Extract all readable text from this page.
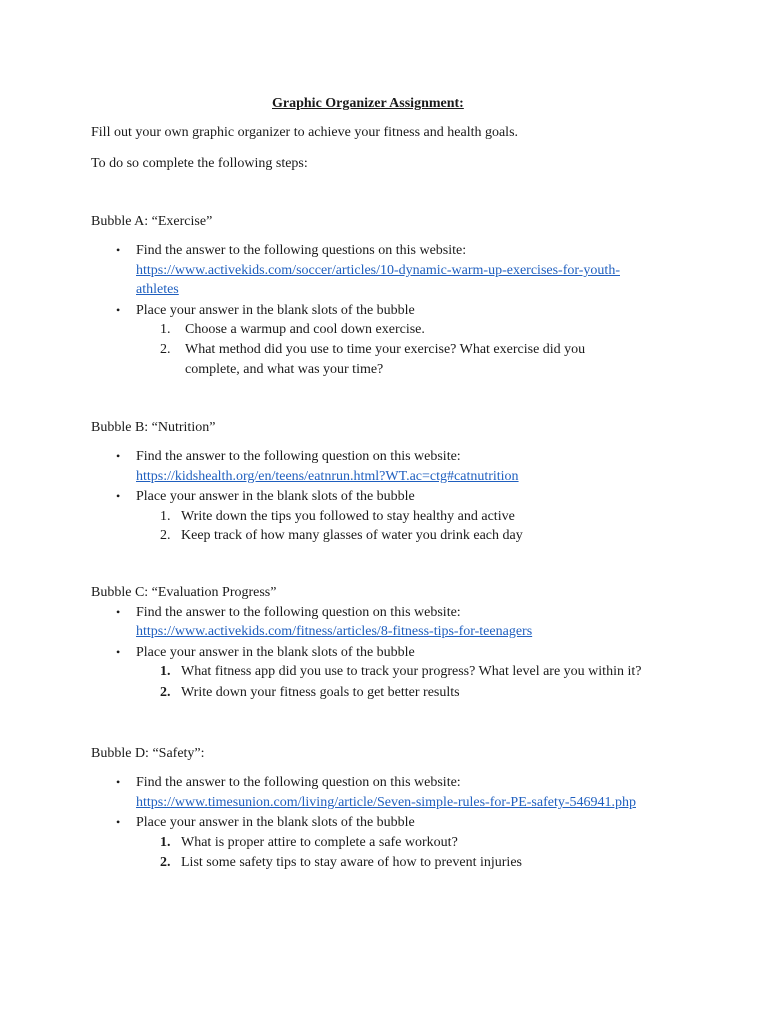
Graphic Organizer Assignment:
Fill out your own graphic organizer to achieve your fitness and health goals.
To do so complete the following steps:
Bubble A: “Exercise”
• Find the answer to the following questions on this website:
https://www.activekids.com/soccer/articles/10-dynamic-warm-up-exercises-for-youth-
athletes
• Place your answer in the blank slots of the bubble
1. Choose a warmup and cool down exercise.
2. What method did you use to time your exercise? What exercise did you
complete, and what was your time?
Bubble B: “Nutrition”
• Find the answer to the following question on this website:
https://kidshealth.org/en/teens/eatnrun.html?WT.ac=ctg#catnutrition
• Place your answer in the blank slots of the bubble
1. Write down the tips you followed to stay healthy and active
2. Keep track of how many glasses of water you drink each day
Bubble C: “Evaluation Progress”
• Find the answer to the following question on this website:
https://www.activekids.com/fitness/articles/8-fitness-tips-for-teenagers
• Place your answer in the blank slots of the bubble
1. What fitness app did you use to track your progress? What level are you within it?
2. Write down your fitness goals to get better results
Bubble D: “Safety”:
• Find the answer to the following question on this website:
https://www.timesunion.com/living/article/Seven-simple-rules-for-PE-safety-546941.php
• Place your answer in the blank slots of the bubble
1. What is proper attire to complete a safe workout?
2. List some safety tips to stay aware of how to prevent injuries
